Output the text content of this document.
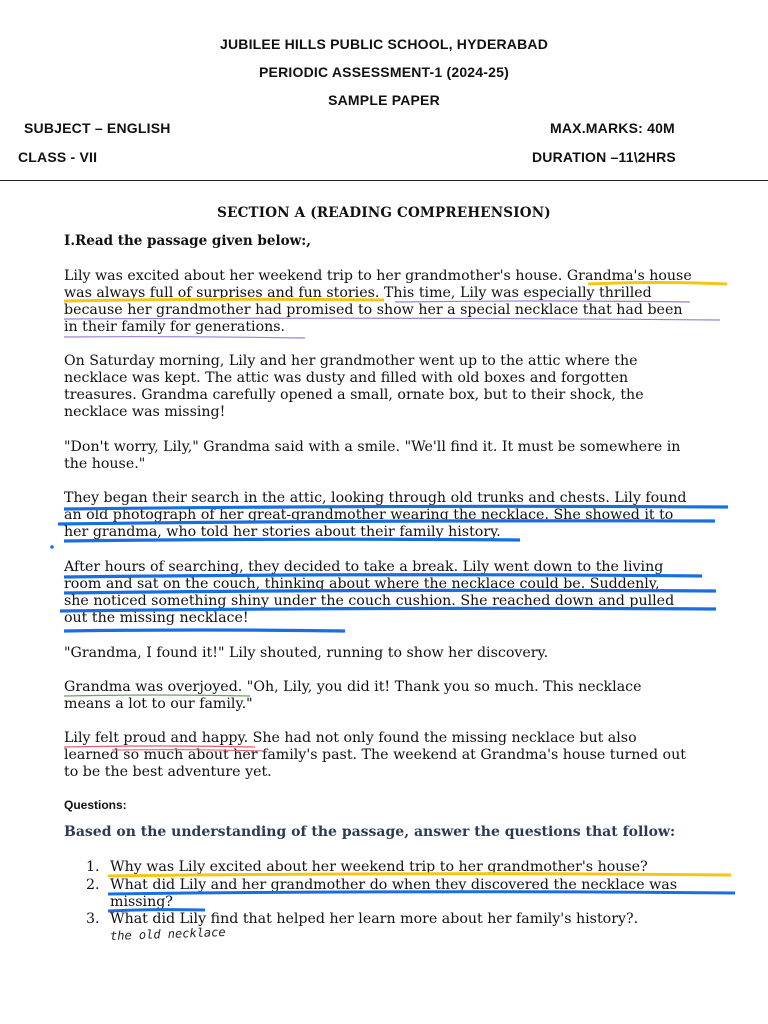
JUBILEE HILLS PUBLIC SCHOOL, HYDERABAD
PERIODIC ASSESSMENT-1 (2024-25)
SAMPLE PAPER
SUBJECT – ENGLISH	MAX.MARKS: 40M
CLASS - VII	DURATION –11\2HRS
SECTION A (READING COMPREHENSION)
I.Read the passage given below:,
Lily was excited about her weekend trip to her grandmother's house. Grandma's house
was always full of surprises and fun stories. This time, Lily was especially thrilled
because her grandmother had promised to show her a special necklace that had been
in their family for generations.
On Saturday morning, Lily and her grandmother went up to the attic where the
necklace was kept. The attic was dusty and filled with old boxes and forgotten
treasures. Grandma carefully opened a small, ornate box, but to their shock, the
necklace was missing!
"Don't worry, Lily," Grandma said with a smile. "We'll find it. It must be somewhere in
the house."
They began their search in the attic, looking through old trunks and chests. Lily found
an old photograph of her great-grandmother wearing the necklace. She showed it to
her grandma, who told her stories about their family history.
After hours of searching, they decided to take a break. Lily went down to the living
room and sat on the couch, thinking about where the necklace could be. Suddenly,
she noticed something shiny under the couch cushion. She reached down and pulled
out the missing necklace!
"Grandma, I found it!" Lily shouted, running to show her discovery.
Grandma was overjoyed. "Oh, Lily, you did it! Thank you so much. This necklace
means a lot to our family."
Lily felt proud and happy. She had not only found the missing necklace but also
learned so much about her family's past. The weekend at Grandma's house turned out
to be the best adventure yet.
Questions:
Based on the understanding of the passage, answer the questions that follow:
1. Why was Lily excited about her weekend trip to her grandmother's house?
2. What did Lily and her grandmother do when they discovered the necklace was
missing?
3. What did Lily find that helped her learn more about her family's history?.
the old necklace
